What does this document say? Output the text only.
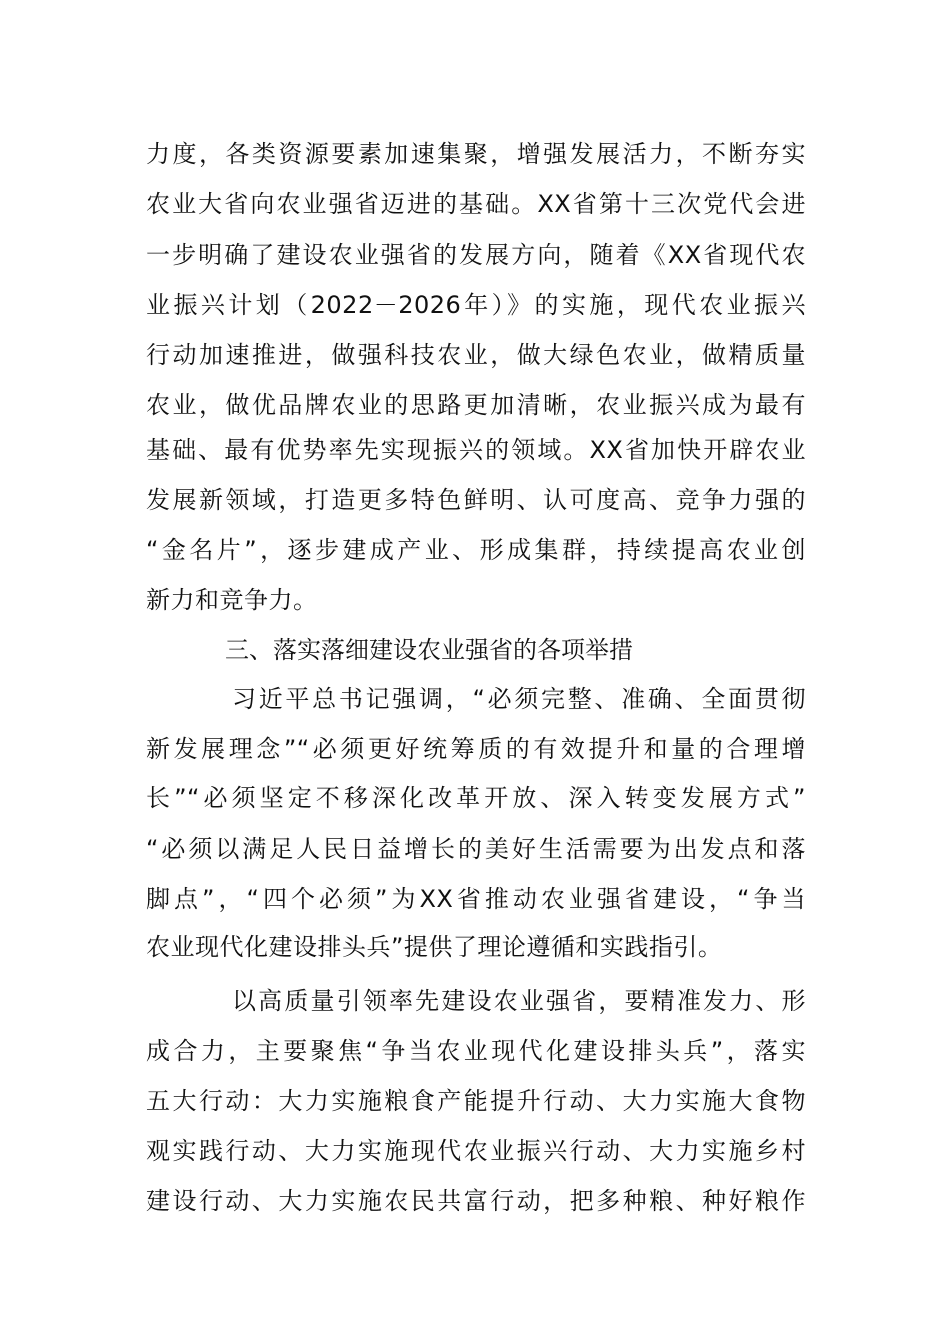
力度，各类资源要素加速集聚，增强发展活力，不断夯实
农业大省向农业强省迈进的基础。XX省第十三次党代会进
一步明确了建设农业强省的发展方向，随着《XX省现代农
业振兴计划（2022－2026年）》的实施，现代农业振兴
行动加速推进，做强科技农业，做大绿色农业，做精质量
农业，做优品牌农业的思路更加清晰，农业振兴成为最有
基础、最有优势率先实现振兴的领域。XX省加快开辟农业
发展新领域，打造更多特色鲜明、认可度高、竞争力强的
“金名片”，逐步建成产业、形成集群，持续提高农业创
新力和竞争力。
三、落实落细建设农业强省的各项举措
习近平总书记强调，“必须完整、准确、全面贯彻
新发展理念”“必须更好统筹质的有效提升和量的合理增
长”“必须坚定不移深化改革开放、深入转变发展方式”
“必须以满足人民日益增长的美好生活需要为出发点和落
脚点”，“四个必须”为XX省推动农业强省建设，“争当
农业现代化建设排头兵”提供了理论遵循和实践指引。
以高质量引领率先建设农业强省，要精准发力、形
成合力，主要聚焦“争当农业现代化建设排头兵”，落实
五大行动：大力实施粮食产能提升行动、大力实施大食物
观实践行动、大力实施现代农业振兴行动、大力实施乡村
建设行动、大力实施农民共富行动，把多种粮、种好粮作
